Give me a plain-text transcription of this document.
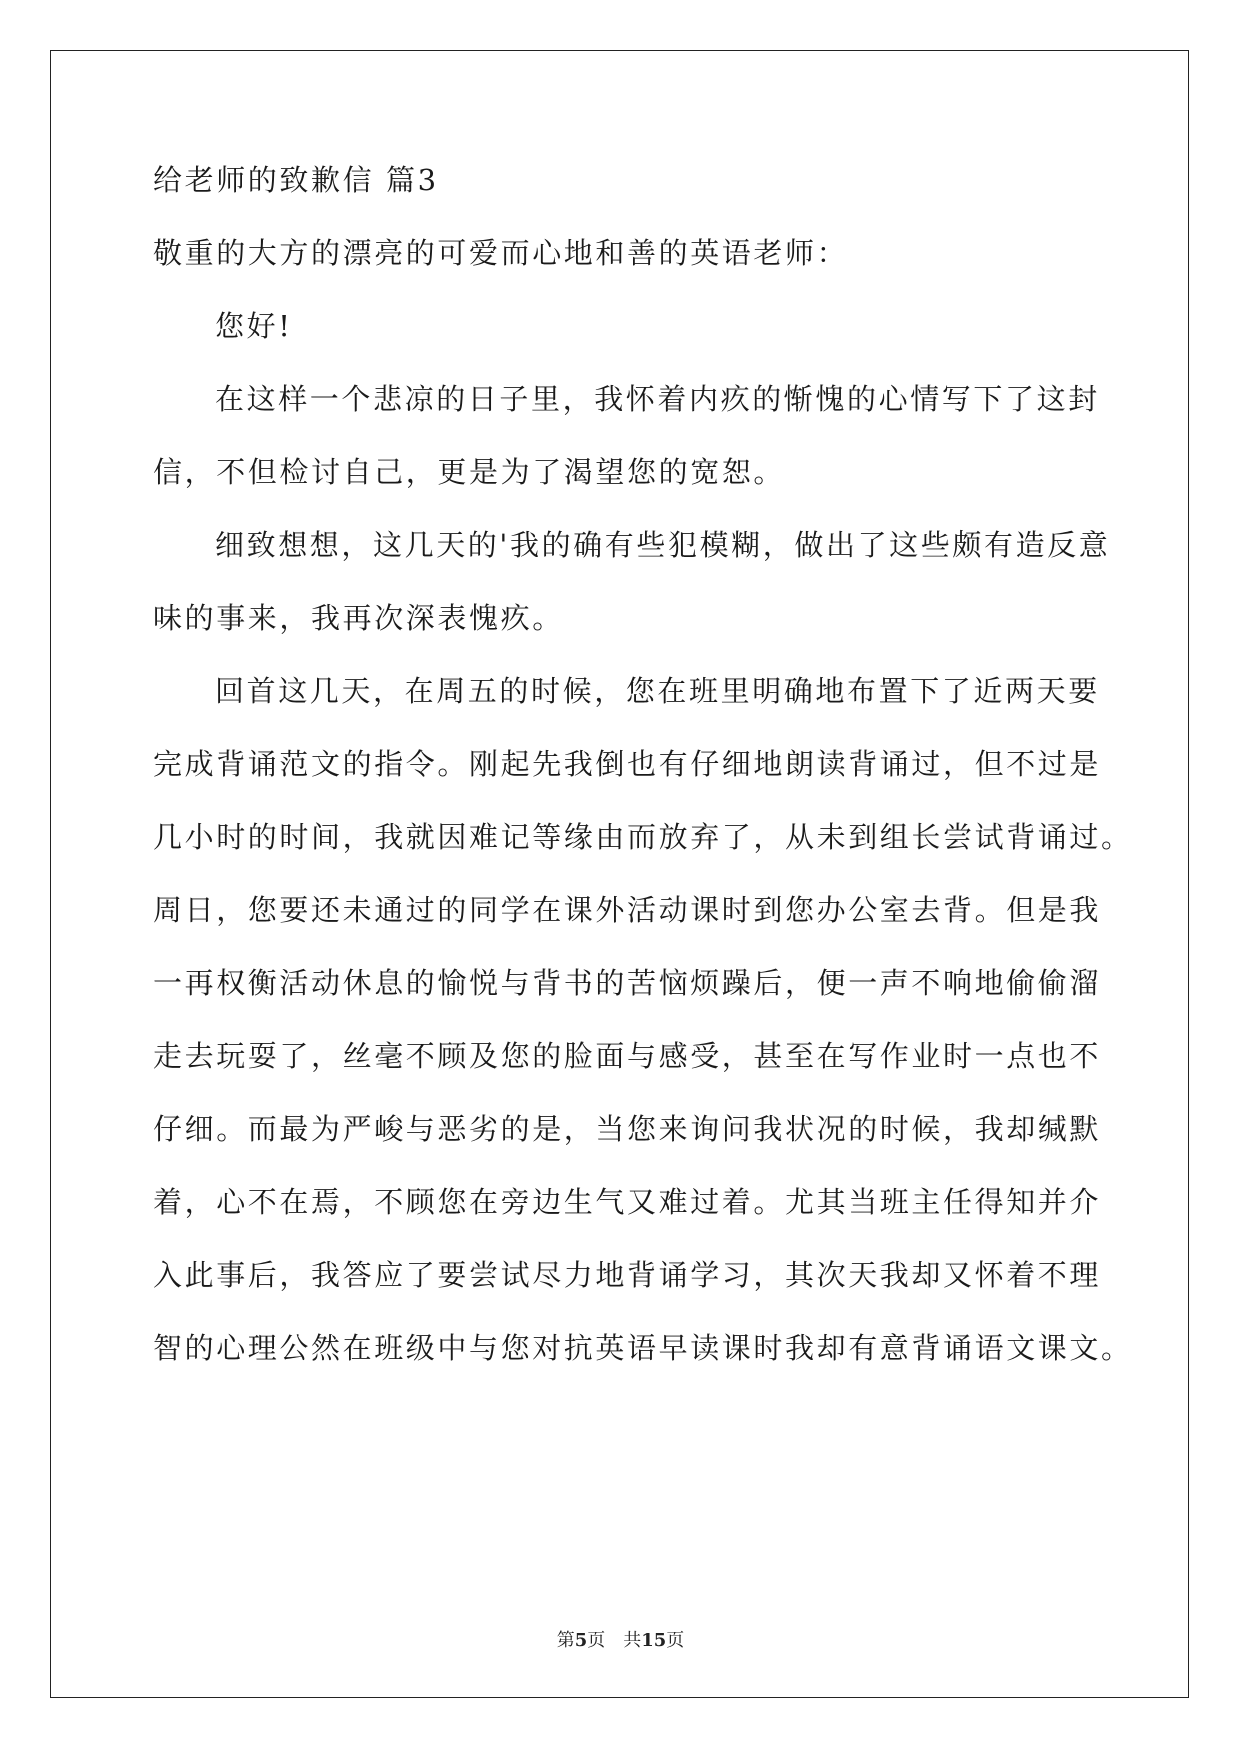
给老师的致歉信 篇3
敬重的大方的漂亮的可爱而心地和善的英语老师：
您好!
在这样一个悲凉的日子里，我怀着内疚的惭愧的心情写下了这封
信，不但检讨自己，更是为了渴望您的宽恕。
细致想想，这几天的'我的确有些犯模糊，做出了这些颇有造反意
味的事来，我再次深表愧疚。
回首这几天，在周五的时候，您在班里明确地布置下了近两天要
完成背诵范文的指令。刚起先我倒也有仔细地朗读背诵过，但不过是
几小时的时间，我就因难记等缘由而放弃了，从未到组长尝试背诵过。
周日，您要还未通过的同学在课外活动课时到您办公室去背。但是我
一再权衡活动休息的愉悦与背书的苦恼烦躁后，便一声不响地偷偷溜
走去玩耍了，丝毫不顾及您的脸面与感受，甚至在写作业时一点也不
仔细。而最为严峻与恶劣的是，当您来询问我状况的时候，我却缄默
着，心不在焉，不顾您在旁边生气又难过着。尤其当班主任得知并介
入此事后，我答应了要尝试尽力地背诵学习，其次天我却又怀着不理
智的心理公然在班级中与您对抗英语早读课时我却有意背诵语文课文。
第5页 共15页
